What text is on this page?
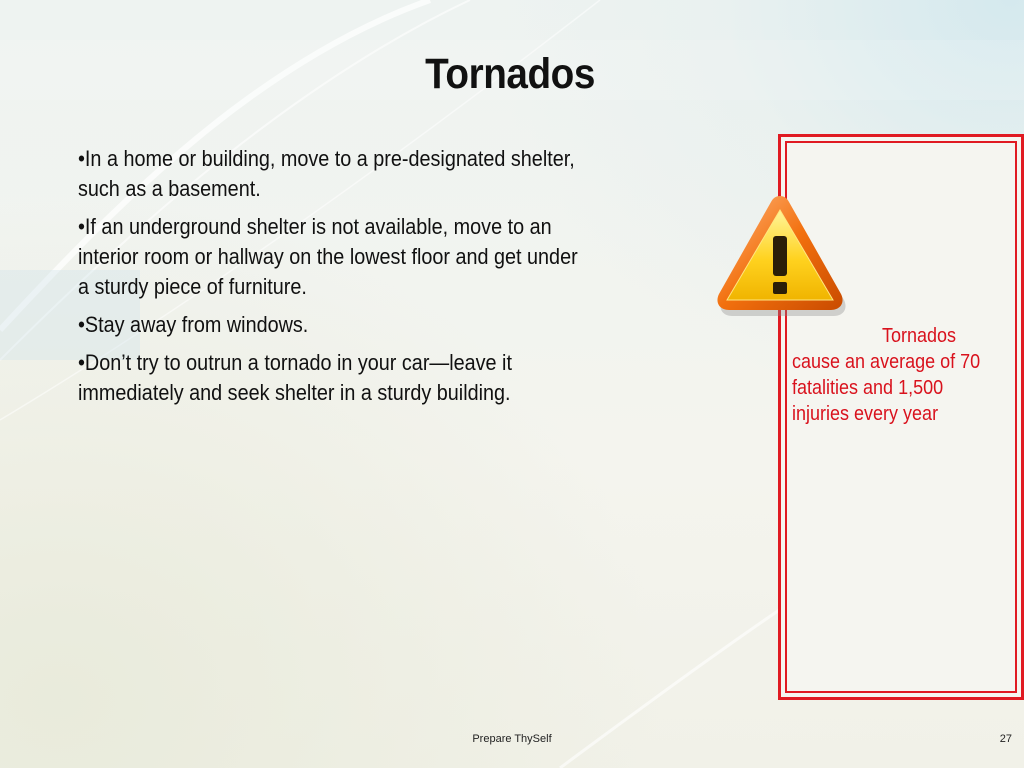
Tornados

•In a home or building, move to a pre-designated shelter, such as a basement.

•If an underground shelter is not available, move to an interior room or hallway on the lowest floor and get under a sturdy piece of furniture.

•Stay away from windows.

•Don’t try to outrun a tornado in your car—leave it immediately and seek shelter in a sturdy building.

Tornados
cause an average of 70 fatalities and 1,500 injuries every year
Prepare ThySelf	27
